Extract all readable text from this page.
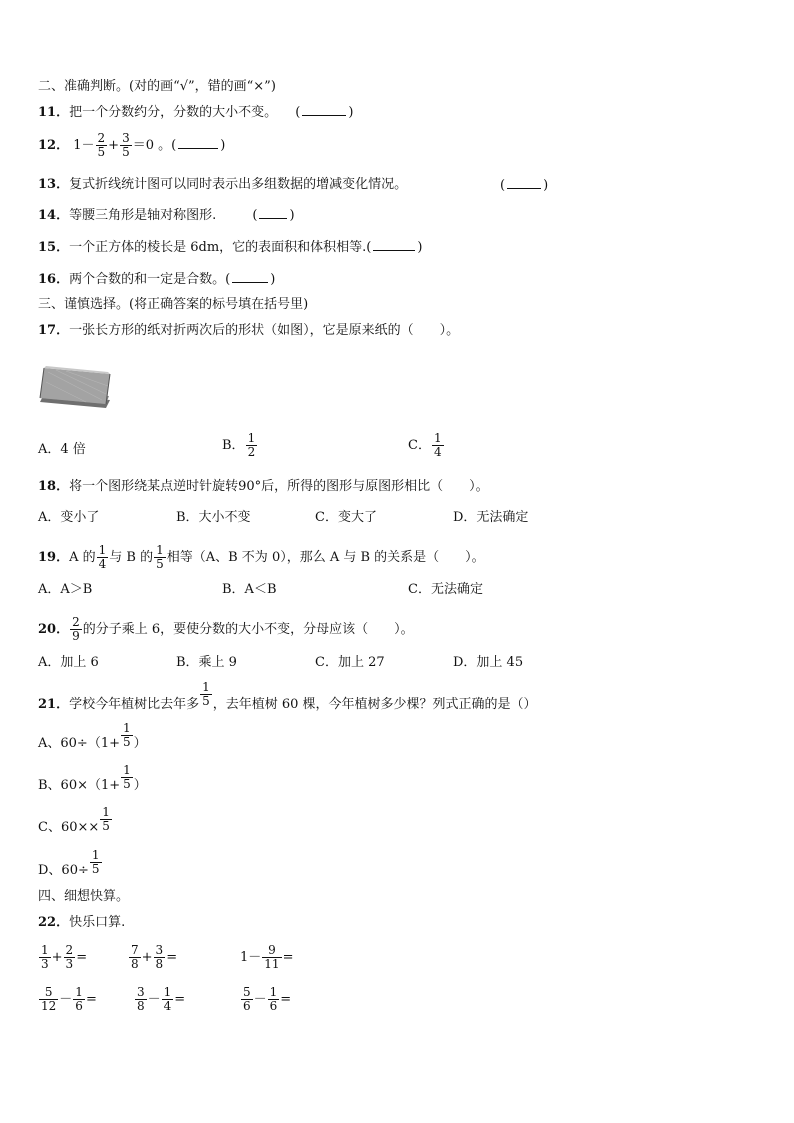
二、准确判断。(对的画“√”，错的画“×”)
11．把一个分数约分，分数的大小不变。 (	)
12． $1- \frac{2}{5} + \frac{3}{5} =0$ 。(	)
13．复式折线统计图可以同时表示出多组数据的增减变化情况。	(	)
14．等腰三角形是轴对称图形.	( )
15．一个正方体的棱长是 6dm，它的表面积和体积相等.(	)
16．两个合数的和一定是合数。(	)
三、谨慎选择。(将正确答案的标号填在括号里)
17．一张长方形的纸对折两次后的形状（如图），它是原来纸的（　　）。
A．4 倍	B． $\frac{1}{2}$	C． $\frac{1}{4}$
18．将一个图形绕某点逆时针旋转90°后，所得的图形与原图形相比（　　）。
A．变小了	B．大小不变	C．变大了	D．无法确定
19．A 的 $\frac{1}{4}$ 与 B 的 $\frac{1}{5}$ 相等（A、B 不为 0），那么 A 与 B 的关系是（　　）。
A．A＞B	B．A＜B	C．无法确定
20． $\frac{2}{9}$ 的分子乘上 6，要使分数的大小不变，分母应该（　　）。
A．加上 6	B．乘上 9	C．加上 27	D．加上 45
21．学校今年植树比去年多 $\frac{1}{5}$ ，去年植树 60 棵，今年植树多少棵？列式正确的是（）
A、$60\div(1+ \frac{1}{5}$ ）
B、$60\times(1+ \frac{1}{5}$ ）
C、$60\times\times \frac{1}{5}$
D、$60\div \frac{1}{5}$
四、细想快算。
22．快乐口算.
$\frac{1}{3} + \frac{2}{3}$ =	$\frac{7}{8} + \frac{3}{8}$ =	$1- \frac{9}{11}$ =
$\frac{5}{12} - \frac{1}{6}$ =	$\frac{3}{8} - \frac{1}{4}$ =	$\frac{5}{6} - \frac{1}{6}$ =
